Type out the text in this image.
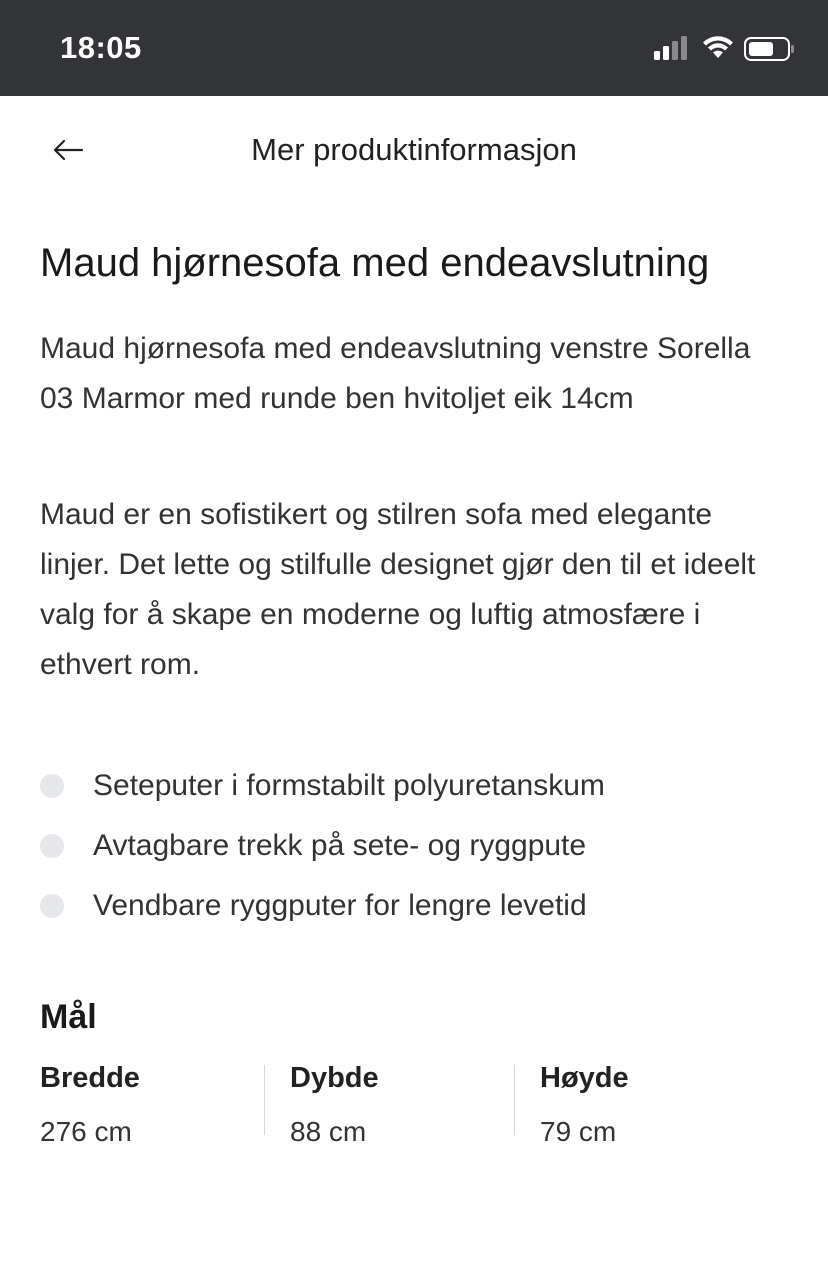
18:05
Mer produktinformasjon
Maud hjørnesofa med endeavslutning

Maud hjørnesofa med endeavslutning venstre Sorella 03 Marmor med runde ben hvitoljet eik 14cm

Maud er en sofistikert og stilren sofa med elegante linjer. Det lette og stilfulle designet gjør den til et ideelt valg for å skape en moderne og luftig atmosfære i ethvert rom.

Seteputer i formstabilt polyuretanskum
Avtagbare trekk på sete- og ryggpute
Vendbare ryggputer for lengre levetid
Mål
Bredde
276 cm
Dybde
88 cm
Høyde
79 cm
